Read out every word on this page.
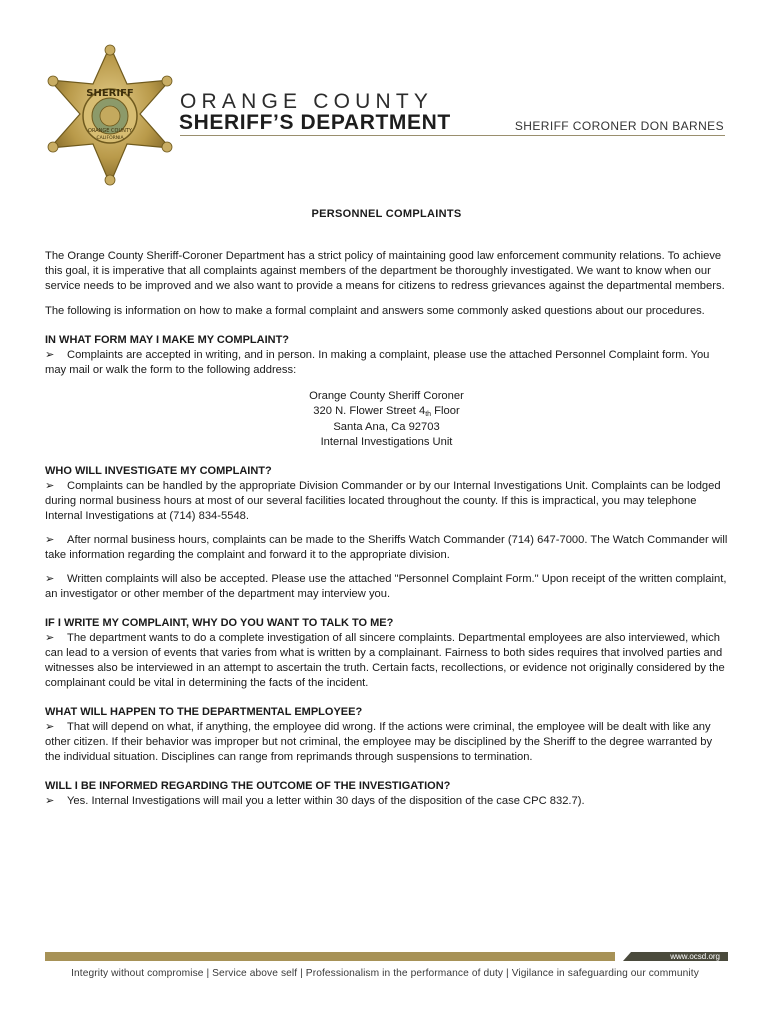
SHERIFF
ORANGE COUNTY
CALIFORNIA
ORANGE COUNTY
SHERIFF’S DEPARTMENT	SHERIFF CORONER DON BARNES
PERSONNEL COMPLAINTS

The Orange County Sheriff-Coroner Department has a strict policy of maintaining good law enforcement community relations. To achieve this goal, it is imperative that all complaints against members of the department be thoroughly investigated. We want to know when our service needs to be improved and we also want to provide a means for citizens to redress grievances against the departmental members.

The following is information on how to make a formal complaint and answers some commonly asked questions about our procedures.

IN WHAT FORM MAY I MAKE MY COMPLAINT?
➢ Complaints are accepted in writing, and in person. In making a complaint, please use the attached Personnel Complaint form. You may mail or walk the form to the following address:
Orange County Sheriff Coroner
320 N. Flower Street $4_{th}$ Floor
Santa Ana, Ca 92703
Internal Investigations Unit
WHO WILL INVESTIGATE MY COMPLAINT?
➢ Complaints can be handled by the appropriate Division Commander or by our Internal Investigations Unit. Complaints can be lodged during normal business hours at most of our several facilities located throughout the county. If this is impractical, you may telephone Internal Investigations at (714) 834-5548.
➢ After normal business hours, complaints can be made to the Sheriffs Watch Commander (714) 647-7000. The Watch Commander will take information regarding the complaint and forward it to the appropriate division.
➢ Written complaints will also be accepted. Please use the attached "Personnel Complaint Form." Upon receipt of the written complaint, an investigator or other member of the department may interview you.
IF I WRITE MY COMPLAINT, WHY DO YOU WANT TO TALK TO ME?
➢ The department wants to do a complete investigation of all sincere complaints. Departmental employees are also interviewed, which can lead to a version of events that varies from what is written by a complainant. Fairness to both sides requires that involved parties and witnesses also be interviewed in an attempt to ascertain the truth. Certain facts, recollections, or evidence not originally considered by the complainant could be vital in determining the facts of the incident.
WHAT WILL HAPPEN TO THE DEPARTMENTAL EMPLOYEE?
➢ That will depend on what, if anything, the employee did wrong. If the actions were criminal, the employee will be dealt with like any other citizen. If their behavior was improper but not criminal, the employee may be disciplined by the Sheriff to the degree warranted by the individual situation. Disciplines can range from reprimands through suspensions to termination.
WILL I BE INFORMED REGARDING THE OUTCOME OF THE INVESTIGATION?
➢ Yes. Internal Investigations will mail you a letter within 30 days of the disposition of the case CPC 832.7).
www.ocsd.org
Integrity without compromise | Service above self | Professionalism in the performance of duty | Vigilance in safeguarding our community
